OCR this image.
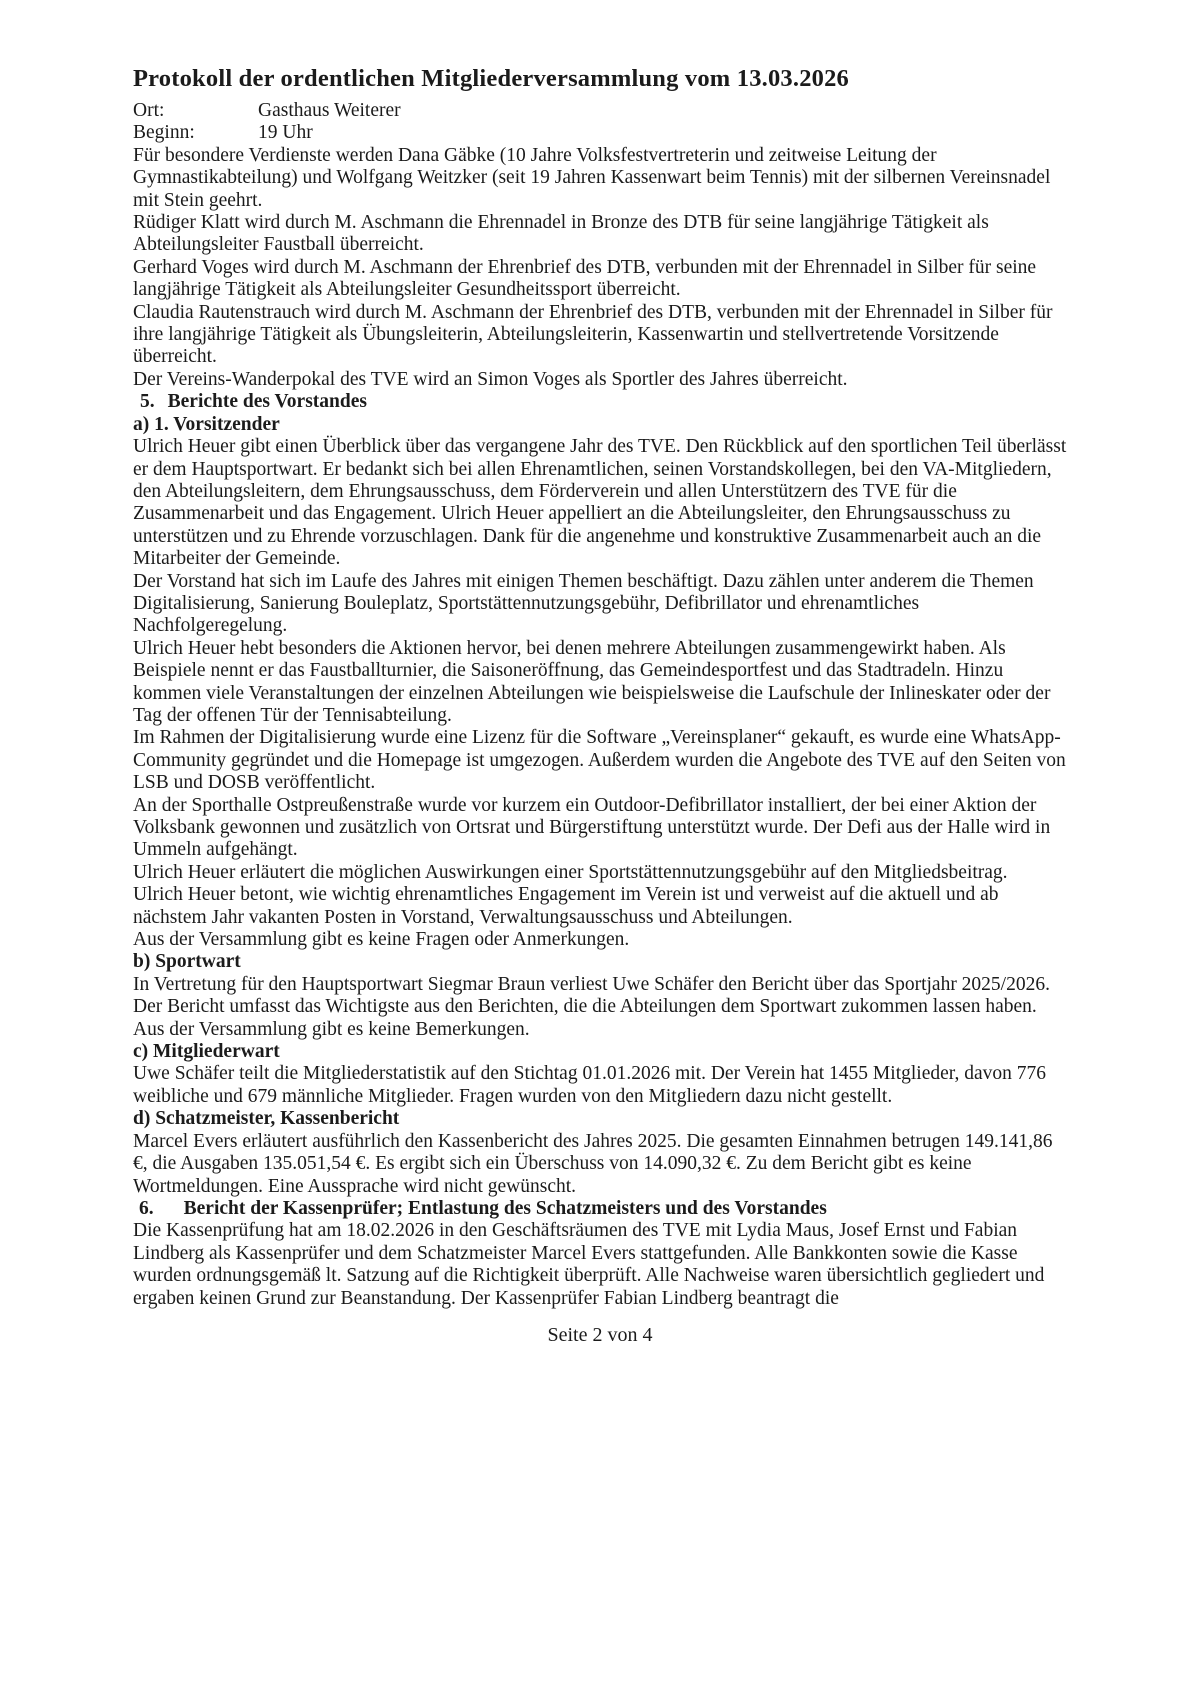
Protokoll der ordentlichen Mitgliederversammlung vom 13.03.2026

Ort:	Gasthaus Weiterer

Beginn:	19 Uhr

Für besondere Verdienste werden Dana Gäbke (10 Jahre Volksfestvertreterin und zeitweise Leitung der Gymnastikabteilung) und Wolfgang Weitzker (seit 19 Jahren Kassenwart beim Tennis) mit der silbernen Vereinsnadel mit Stein geehrt.

Rüdiger Klatt wird durch M. Aschmann die Ehrennadel in Bronze des DTB für seine langjährige Tätigkeit als Abteilungsleiter Faustball überreicht.

Gerhard Voges wird durch M. Aschmann der Ehrenbrief des DTB, verbunden mit der Ehrennadel in Silber für seine langjährige Tätigkeit als Abteilungsleiter Gesundheitssport überreicht.

Claudia Rautenstrauch wird durch M. Aschmann der Ehrenbrief des DTB, verbunden mit der Ehrennadel in Silber für ihre langjährige Tätigkeit als Übungsleiterin, Abteilungsleiterin, Kassenwartin und stellvertretende Vorsitzende überreicht.

Der Vereins-Wanderpokal des TVE wird an Simon Voges als Sportler des Jahres überreicht.

5. Berichte des Vorstandes
a) 1. Vorsitzender

Ulrich Heuer gibt einen Überblick über das vergangene Jahr des TVE. Den Rückblick auf den sportlichen Teil überlässt er dem Hauptsportwart. Er bedankt sich bei allen Ehrenamtlichen, seinen Vorstandskollegen, bei den VA-Mitgliedern, den Abteilungsleitern, dem Ehrungsausschuss, dem Förderverein und allen Unterstützern des TVE für die Zusammenarbeit und das Engagement. Ulrich Heuer appelliert an die Abteilungsleiter, den Ehrungsausschuss zu unterstützen und zu Ehrende vorzuschlagen. Dank für die angenehme und konstruktive Zusammenarbeit auch an die Mitarbeiter der Gemeinde.

Der Vorstand hat sich im Laufe des Jahres mit einigen Themen beschäftigt. Dazu zählen unter anderem die Themen Digitalisierung, Sanierung Bouleplatz, Sportstättennutzungsgebühr, Defibrillator und ehrenamtliches Nachfolgeregelung.

Ulrich Heuer hebt besonders die Aktionen hervor, bei denen mehrere Abteilungen zusammengewirkt haben. Als Beispiele nennt er das Faustballturnier, die Saisoneröffnung, das Gemeindesportfest und das Stadtradeln. Hinzu kommen viele Veranstaltungen der einzelnen Abteilungen wie beispielsweise die Laufschule der Inlineskater oder der Tag der offenen Tür der Tennisabteilung.

Im Rahmen der Digitalisierung wurde eine Lizenz für die Software „Vereinsplaner“ gekauft, es wurde eine WhatsApp-Community gegründet und die Homepage ist umgezogen. Außerdem wurden die Angebote des TVE auf den Seiten von LSB und DOSB veröffentlicht.

An der Sporthalle Ostpreußenstraße wurde vor kurzem ein Outdoor-Defibrillator installiert, der bei einer Aktion der Volksbank gewonnen und zusätzlich von Ortsrat und Bürgerstiftung unterstützt wurde. Der Defi aus der Halle wird in Ummeln aufgehängt.

Ulrich Heuer erläutert die möglichen Auswirkungen einer Sportstättennutzungsgebühr auf den Mitgliedsbeitrag.

Ulrich Heuer betont, wie wichtig ehrenamtliches Engagement im Verein ist und verweist auf die aktuell und ab nächstem Jahr vakanten Posten in Vorstand, Verwaltungsausschuss und Abteilungen.

Aus der Versammlung gibt es keine Fragen oder Anmerkungen.

b) Sportwart

In Vertretung für den Hauptsportwart Siegmar Braun verliest Uwe Schäfer den Bericht über das Sportjahr 2025/2026. Der Bericht umfasst das Wichtigste aus den Berichten, die die Abteilungen dem Sportwart zukommen lassen haben.

Aus der Versammlung gibt es keine Bemerkungen.

c) Mitgliederwart

Uwe Schäfer teilt die Mitgliederstatistik auf den Stichtag 01.01.2026 mit. Der Verein hat 1455 Mitglieder, davon 776 weibliche und 679 männliche Mitglieder. Fragen wurden von den Mitgliedern dazu nicht gestellt.

d) Schatzmeister, Kassenbericht

Marcel Evers erläutert ausführlich den Kassenbericht des Jahres 2025. Die gesamten Einnahmen betrugen 149.141,86 €, die Ausgaben 135.051,54 €. Es ergibt sich ein Überschuss von 14.090,32 €. Zu dem Bericht gibt es keine Wortmeldungen. Eine Aussprache wird nicht gewünscht.

6. Bericht der Kassenprüfer; Entlastung des Schatzmeisters und des Vorstandes

Die Kassenprüfung hat am 18.02.2026 in den Geschäftsräumen des TVE mit Lydia Maus, Josef Ernst und Fabian Lindberg als Kassenprüfer und dem Schatzmeister Marcel Evers stattgefunden. Alle Bankkonten sowie die Kasse wurden ordnungsgemäß lt. Satzung auf die Richtigkeit überprüft. Alle Nachweise waren übersichtlich gegliedert und ergaben keinen Grund zur Beanstandung. Der Kassenprüfer Fabian Lindberg beantragt die

Seite 2 von 4
